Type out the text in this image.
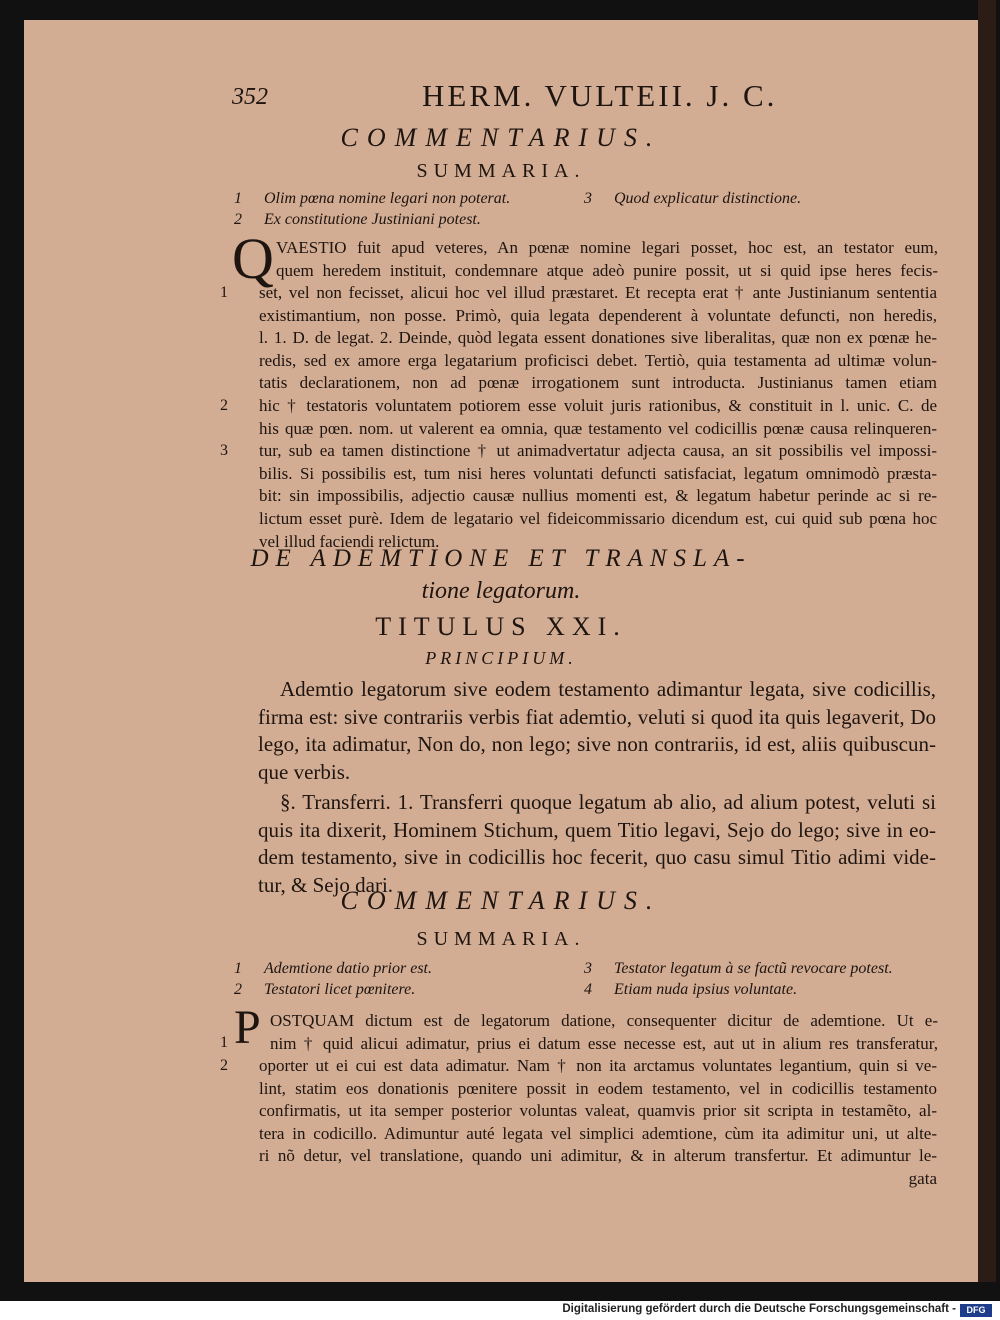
352	HERM. VULTEII. J. C.
COMMENTARIUS.
SUMMARIA.
1 Olim pœna nomine legari non poterat.
2 Ex constitutione Justiniani potest.
3 Quod explicatur distinctione.
Q VAESTIO fuit apud veteres, An pœnæ nomine legari posset, hoc est, an testator eum,
quem heredem instituit, condemnare atque adeò punire possit, ut si quid ipse heres fecis-
set, vel non fecisset, alicui hoc vel illud præstaret. Et recepta erat † ante Justinianum sententia
existimantium, non posse. Primò, quia legata dependerent à voluntate defuncti, non heredis,
l. 1. D. de legat. 2. Deinde, quòd legata essent donationes sive liberalitas, quæ non ex pœnæ he-
redis, sed ex amore erga legatarium proficisci debet. Tertiò, quia testamenta ad ultimæ volun-
tatis declarationem, non ad pœnæ irrogationem sunt introducta. Justinianus tamen etiam
hic † testatoris voluntatem potiorem esse voluit juris rationibus, & constituit in l. unic. C. de
his quæ pœn. nom. ut valerent ea omnia, quæ testamento vel codicillis pœnæ causa relinqueren-
tur, sub ea tamen distinctione † ut animadvertatur adjecta causa, an sit possibilis vel impossi-
bilis. Si possibilis est, tum nisi heres voluntati defuncti satisfaciat, legatum omnimodò præsta-
bit: sin impossibilis, adjectio causæ nullius momenti est, & legatum habetur perinde ac si re-
lictum esset purè. Idem de legatario vel fideicommissario dicendum est, cui quid sub pœna hoc
vel illud faciendi relictum.
1
2
3
DE ADEMTIONE ET TRANSLA-
tione legatorum.
TITULUS XXI.
PRINCIPIUM.
Ademtio legatorum sive eodem testamento adimantur legata, sive codicillis,
firma est: sive contrariis verbis fiat ademtio, veluti si quod ita quis legaverit, Do
lego, ita adimatur, Non do, non lego; sive non contrariis, id est, aliis quibuscun-
que verbis.
§. Transferri. 1. Transferri quoque legatum ab alio, ad alium potest, veluti si
quis ita dixerit, Hominem Stichum, quem Titio legavi, Sejo do lego; sive in eo-
dem testamento, sive in codicillis hoc fecerit, quo casu simul Titio adimi vide-
tur, & Sejo dari.
COMMENTARIUS.
SUMMARIA.
1 Ademtione datio prior est.
2 Testatori licet pœnitere.
3 Testator legatum à se factũ revocare potest.
4 Etiam nuda ipsius voluntate.
P OSTQUAM dictum est de legatorum datione, consequenter dicitur de ademtione. Ut e-
nim † quid alicui adimatur, prius ei datum esse necesse est, aut ut in alium res transferatur,
oporter ut ei cui est data adimatur. Nam † non ita arctamus voluntates legantium, quin si ve-
lint, statim eos donationis pœnitere possit in eodem testamento, vel in codicillis testamento
confirmatis, ut ita semper posterior voluntas valeat, quamvis prior sit scripta in testamẽto, al-
tera in codicillo. Adimuntur auté legata vel simplici ademtione, cùm ita adimitur uni, ut alte-
ri nõ detur, vel translatione, quando uni adimitur, & in alterum transfertur. Et adimuntur le-
gata
1
2
Digitalisierung gefördert durch die Deutsche Forschungsgemeinschaft -	DFG
